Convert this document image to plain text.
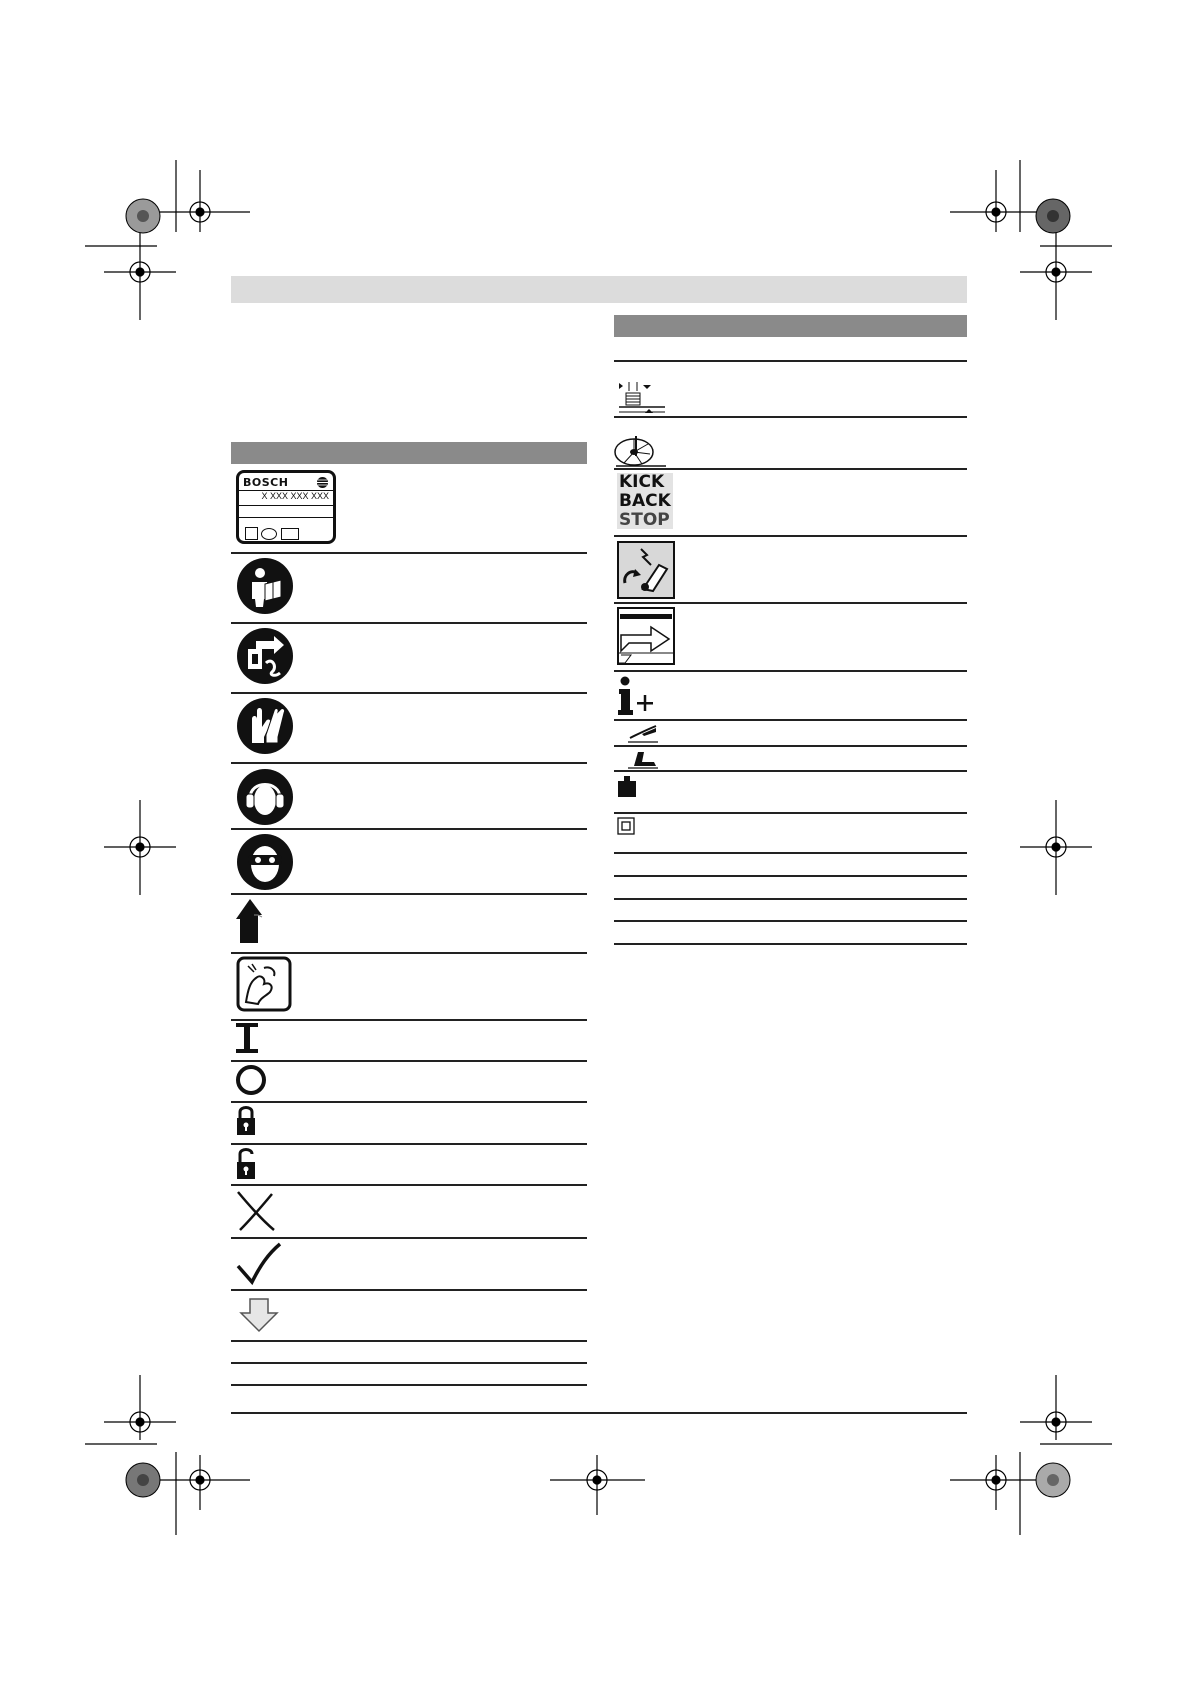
BOSCH
X XXX XXX XXX
KICK
BACK
STOP
